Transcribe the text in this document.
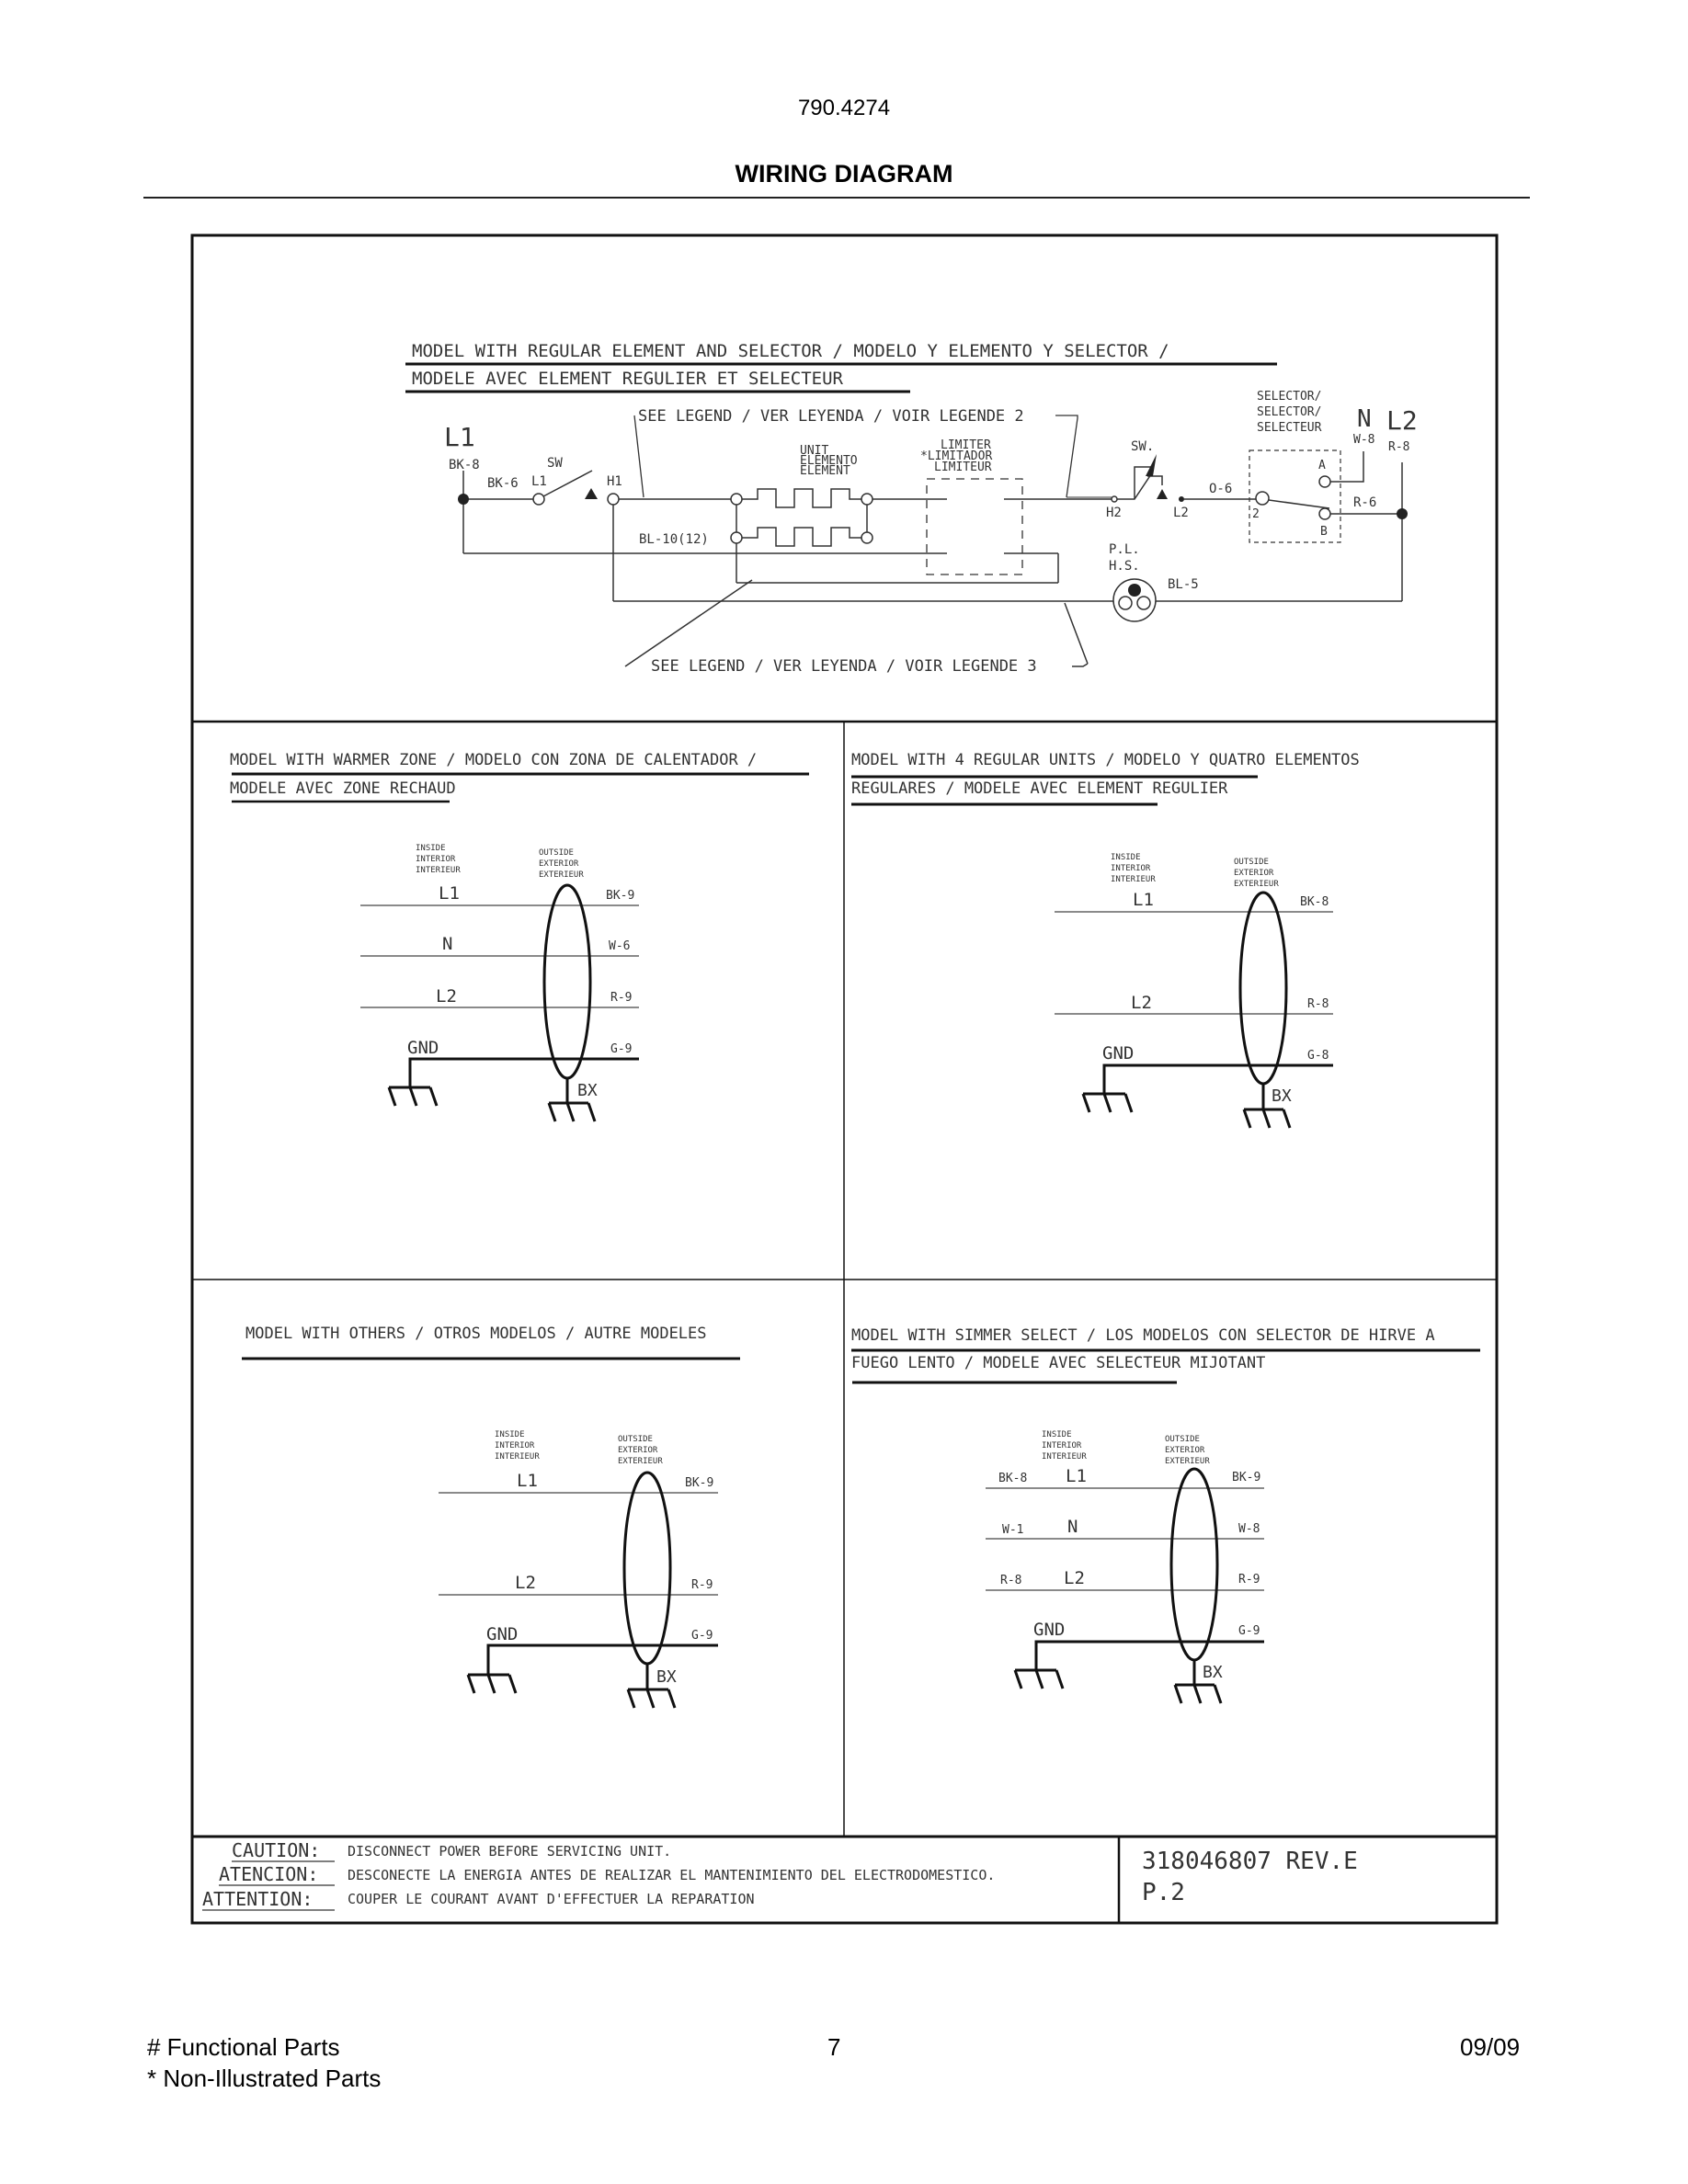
790.4274
WIRING DIAGRAM
MODEL WITH REGULAR ELEMENT AND SELECTOR / MODELO Y ELEMENTO Y SELECTOR /
MODELE AVEC ELEMENT REGULIER ET SELECTEUR
SEE LEGEND / VER LEYENDA / VOIR LEGENDE 2
L1
BK-8
BK-6 L1
SW
H1
UNIT
ELEMENTO
ELEMENT
BL-10(12)
LIMITER
*LIMITADOR
LIMITEUR
SW.
H2	L2
O-6
SELECTOR/
SELECTOR/
SELECTEUR
A
B
2
N
W-8
L2
R-8
R-6
P.L.
H.S.
BL-5
SEE LEGEND / VER LEYENDA / VOIR LEGENDE 3
MODEL WITH WARMER ZONE / MODELO CON ZONA DE CALENTADOR /
MODELE AVEC ZONE RECHAUD
INSIDE
INTERIOR
INTERIEUR
OUTSIDE
EXTERIOR
EXTERIEUR
L1
N
L2
BK-9
W-6
R-9
GND	G-9
BX
MODEL WITH 4 REGULAR UNITS / MODELO Y QUATRO ELEMENTOS
REGULARES / MODELE AVEC ELEMENT REGULIER
INSIDE
INTERIOR
INTERIEUR
OUTSIDE
EXTERIOR
EXTERIEUR
L1
L2
BK-8
R-8
GND	G-8
BX
MODEL WITH OTHERS / OTROS MODELOS / AUTRE MODELES
INSIDE
INTERIOR
INTERIEUR
OUTSIDE
EXTERIOR
EXTERIEUR
L1
L2
BK-9
R-9
GND	G-9
BX
MODEL WITH SIMMER SELECT / LOS MODELOS CON SELECTOR DE HIRVE A
FUEGO LENTO / MODELE AVEC SELECTEUR MIJOTANT
INSIDE
INTERIOR
INTERIEUR
OUTSIDE
EXTERIOR
EXTERIEUR
L1
N
L2
BK-8
W-1
R-8
BK-9
W-8
R-9
GND	G-9
BX
CAUTION: DISCONNECT POWER BEFORE SERVICING UNIT.
ATENCION: DESCONECTE LA ENERGIA ANTES DE REALIZAR EL MANTENIMIENTO DEL ELECTRODOMESTICO.
ATTENTION:	COUPER LE COURANT AVANT D'EFFECTUER LA REPARATION
318046807 REV.E
P.2
# Functional Parts
* Non-Illustrated Parts
7	09/09
